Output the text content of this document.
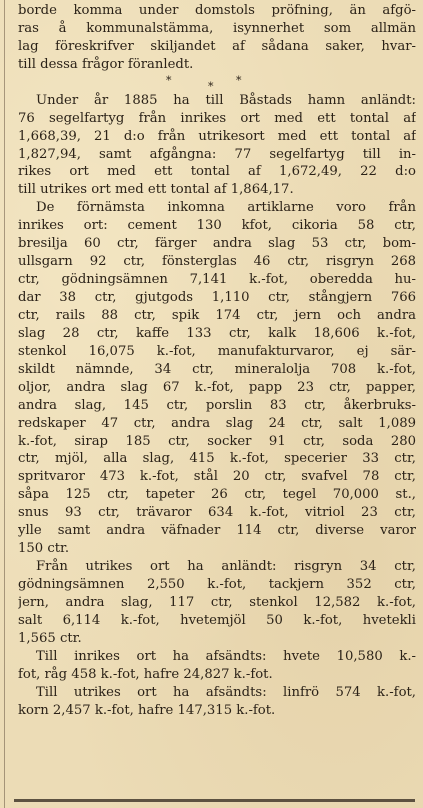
borde komma under domstols pröfning, än afgö-
ras å kommunalstämma, isynnerhet som allmän
lag föreskrifver skiljandet af sådana saker, hvar-
till dessa frågor föranledt.
*	* *
Under år 1885 ha till Båstads hamn anländt:
76 segelfartyg från inrikes ort med ett tontal af
1,668,39, 21 d:o från utrikesort med ett tontal af
1,827,94, samt afgångna: 77 segelfartyg till in-
rikes ort med ett tontal af 1,672,49, 22 d:o
till utrikes ort med ett tontal af 1,864,17.
De förnämsta inkomna artiklarne voro från
inrikes ort: cement 130 kfot, cikoria 58 ctr,
bresilja 60 ctr, färger andra slag 53 ctr, bom-
ullsgarn 92 ctr, fönsterglas 46 ctr, risgryn 268
ctr, gödningsämnen 7,141 k.-fot, oberedda hu-
dar 38 ctr, gjutgods 1,110 ctr, stångjern 766
ctr, rails 88 ctr, spik 174 ctr, jern och andra
slag 28 ctr, kaffe 133 ctr, kalk 18,606 k.-fot,
stenkol 16,075 k.-fot, manufakturvaror, ej sär-
skildt nämnde, 34 ctr, mineralolja 708 k.-fot,
oljor, andra slag 67 k.-fot, papp 23 ctr, papper,
andra slag, 145 ctr, porslin 83 ctr, åkerbruks-
redskaper 47 ctr, andra slag 24 ctr, salt 1,089
k.-fot, sirap 185 ctr, socker 91 ctr, soda 280
ctr, mjöl, alla slag, 415 k.-fot, specerier 33 ctr,
spritvaror 473 k.-fot, stål 20 ctr, svafvel 78 ctr,
såpa 125 ctr, tapeter 26 ctr, tegel 70,000 st.,
snus 93 ctr, trävaror 634 k.-fot, vitriol 23 ctr,
ylle samt andra väfnader 114 ctr, diverse varor
150 ctr.
Från utrikes ort ha anländt: risgryn 34 ctr,
gödningsämnen 2,550 k.-fot, tackjern 352 ctr,
jern, andra slag, 117 ctr, stenkol 12,582 k.-fot,
salt 6,114 k.-fot, hvetemjöl 50 k.-fot, hvetekli
1,565 ctr.
Till inrikes ort ha afsändts: hvete 10,580 k.-
fot, råg 458 k.-fot, hafre 24,827 k.-fot.
Till utrikes ort ha afsändts: linfrö 574 k.-fot,
korn 2,457 k.-fot, hafre 147,315 k.-fot.
